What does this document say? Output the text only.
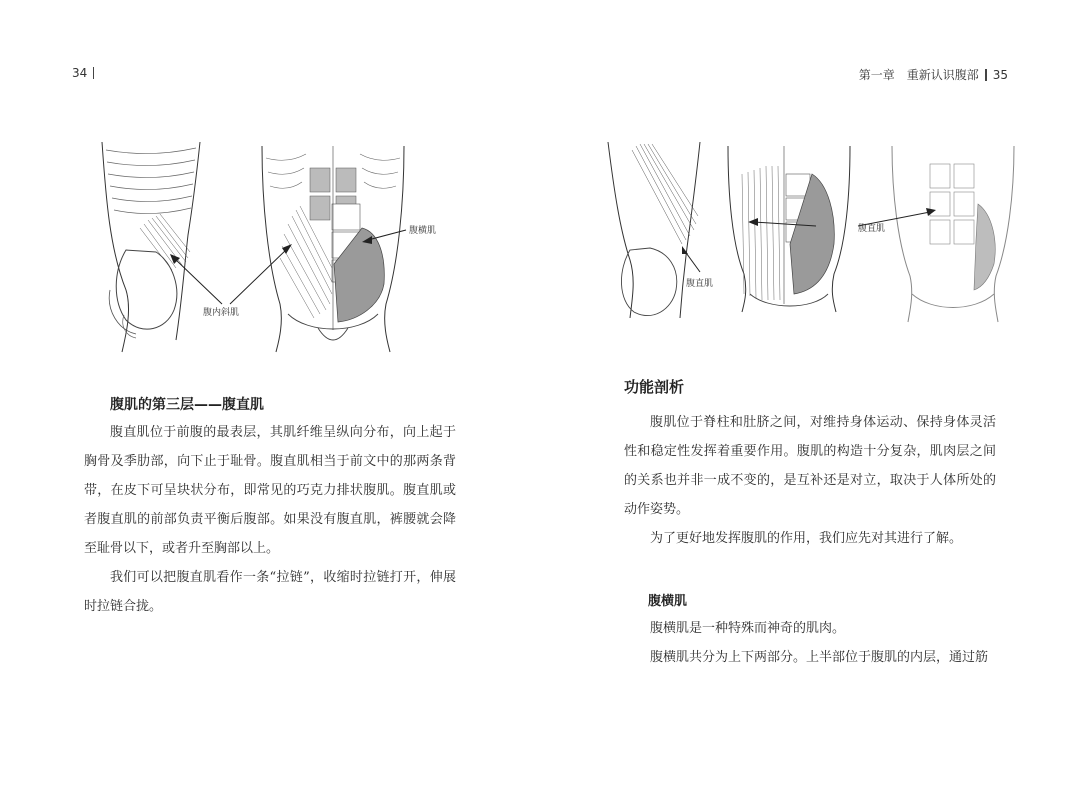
34
腹横肌
腹内斜肌
腹肌的第三层——腹直肌

腹直肌位于前腹的最表层，其肌纤维呈纵向分布，向上起于胸骨及季肋部，向下止于耻骨。腹直肌相当于前文中的那两条背带，在皮下可呈块状分布，即常见的巧克力排状腹肌。腹直肌或者腹直肌的前部负责平衡后腹部。如果没有腹直肌，裤腰就会降至耻骨以下，或者升至胸部以上。

我们可以把腹直肌看作一条“拉链”，收缩时拉链打开，伸展时拉链合拢。

第一章　重新认识腹部 35
腹直肌
腹直肌
功能剖析

腹肌位于脊柱和肚脐之间，对维持身体运动、保持身体灵活性和稳定性发挥着重要作用。腹肌的构造十分复杂，肌肉层之间的关系也并非一成不变的，是互补还是对立，取决于人体所处的动作姿势。

为了更好地发挥腹肌的作用，我们应先对其进行了解。

腹横肌

腹横肌是一种特殊而神奇的肌肉。

腹横肌共分为上下两部分。上半部位于腹肌的内层，通过筋
